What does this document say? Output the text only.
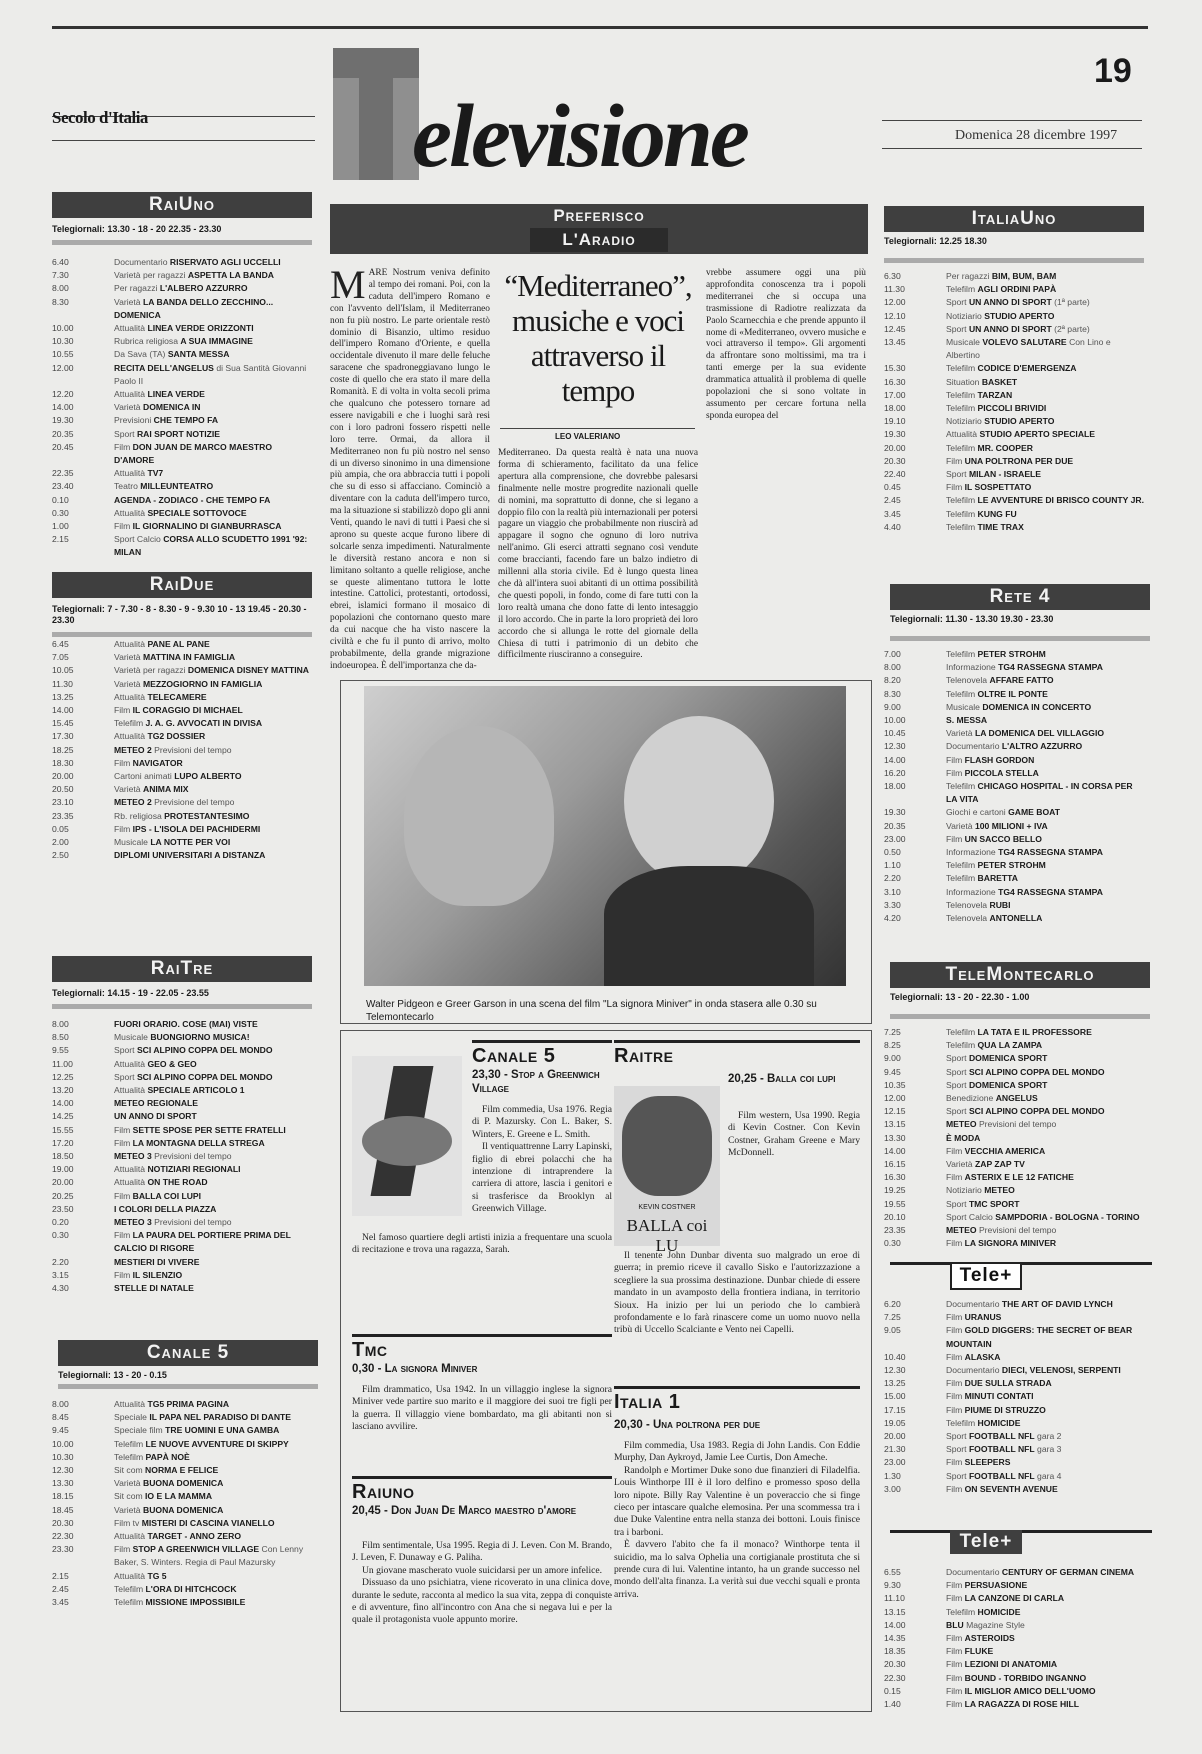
19
Secolo d'Italia	elevisione	Domenica 28 dicembre 1997
RaiUno
Telegiornali: 13.30 - 18 - 20 22.35 - 23.30
6.40	Documentario RISERVATO AGLI UCCELLI
7.30	Varietà per ragazzi ASPETTA LA BANDA
8.00	Per ragazzi L'ALBERO AZZURRO
8.30	Varietà LA BANDA DELLO ZECCHINO... DOMENICA
10.00	Attualità LINEA VERDE ORIZZONTI
10.30	Rubrica religiosa A SUA IMMAGINE
10.55	Da Sava (TA) SANTA MESSA
12.00	RECITA DELL'ANGELUS di Sua Santità Giovanni Paolo II
12.20	Attualità LINEA VERDE
14.00	Varietà DOMENICA IN
19.30	Previsioni CHE TEMPO FA
20.35	Sport RAI SPORT NOTIZIE
20.45	Film DON JUAN DE MARCO MAESTRO D'AMORE
22.35	Attualità TV7
23.40	Teatro MILLEUNTEATRO
0.10	AGENDA - ZODIACO - CHE TEMPO FA
0.30	Attualità SPECIALE SOTTOVOCE
1.00	Film IL GIORNALINO DI GIANBURRASCA
2.15	Sport Calcio CORSA ALLO SCUDETTO 1991 '92: MILAN
RaiDue
Telegiornali: 7 - 7.30 - 8 - 8.30 - 9 - 9.30 10 - 13 19.45 - 20.30 - 23.30
6.45	Attualità PANE AL PANE
7.05	Varietà MATTINA IN FAMIGLIA
10.05	Varietà per ragazzi DOMENICA DISNEY MATTINA
11.30	Varietà MEZZOGIORNO IN FAMIGLIA
13.25	Attualità TELECAMERE
14.00	Film IL CORAGGIO DI MICHAEL
15.45	Telefilm J. A. G. AVVOCATI IN DIVISA
17.30	Attualità TG2 DOSSIER
18.25	METEO 2 Previsioni del tempo
18.30	Film NAVIGATOR
20.00	Cartoni animati LUPO ALBERTO
20.50	Varietà ANIMA MIX
23.10	METEO 2 Previsione del tempo
23.35	Rb. religiosa PROTESTANTESIMO
0.05	Film IPS - L'ISOLA DEI PACHIDERMI
2.00	Musicale LA NOTTE PER VOI
2.50	DIPLOMI UNIVERSITARI A DISTANZA
RaiTre
Telegiornali: 14.15 - 19 - 22.05 - 23.55
8.00	FUORI ORARIO. COSE (MAI) VISTE
8.50	Musicale BUONGIORNO MUSICA!
9.55	Sport SCI ALPINO COPPA DEL MONDO
11.00	Attualità GEO & GEO
12.25	Sport SCI ALPINO COPPA DEL MONDO
13.20	Attualità SPECIALE ARTICOLO 1
14.00	METEO REGIONALE
14.25	UN ANNO DI SPORT
15.55	Film SETTE SPOSE PER SETTE FRATELLI
17.20	Film LA MONTAGNA DELLA STREGA
18.50	METEO 3 Previsioni del tempo
19.00	Attualità NOTIZIARI REGIONALI
20.00	Attualità ON THE ROAD
20.25	Film BALLA COI LUPI
23.50	I COLORI DELLA PIAZZA
0.20	METEO 3 Previsioni del tempo
0.30	Film LA PAURA DEL PORTIERE PRIMA DEL CALCIO DI RIGORE
2.20	MESTIERI DI VIVERE
3.15	Film IL SILENZIO
4.30	STELLE DI NATALE
Canale 5
Telegiornali: 13 - 20 - 0.15
8.00	Attualità TG5 PRIMA PAGINA
8.45	Speciale IL PAPA NEL PARADISO DI DANTE
9.45	Speciale film TRE UOMINI E UNA GAMBA
10.00	Telefilm LE NUOVE AVVENTURE DI SKIPPY
10.30	Telefilm PAPÀ NOÈ
12.30	Sit com NORMA E FELICE
13.30	Varietà BUONA DOMENICA
18.15	Sit com IO E LA MAMMA
18.45	Varietà BUONA DOMENICA
20.30	Film tv MISTERI DI CASCINA VIANELLO
22.30	Attualità TARGET - ANNO ZERO
23.30	Film STOP A GREENWICH VILLAGE Con Lenny Baker, S. Winters. Regia di Paul Mazursky
2.15	Attualità TG 5
2.45	Telefilm L'ORA DI HITCHCOCK
3.45	Telefilm MISSIONE IMPOSSIBILE
Preferisco
L'Aradio
MARE Nostrum veniva definito al tempo dei romani. Poi, con la caduta dell'impero Romano e con l'avvento dell'Islam, il Mediterraneo non fu più nostro. Le parte orientale restò dominio di Bisanzio, ultimo residuo dell'impero Romano d'Oriente, e quella occidentale divenuto il mare delle feluche saracene che spadroneggiavano lungo le coste di quello che era stato il mare della Romanità. E di volta in volta secoli prima che qualcuno che potessero tornare ad essere navigabili e che i luoghi sarà resi con i loro padroni fossero rispetti nelle loro terre. Ormai, da allora il Mediterraneo non fu più nostro nel senso di un diverso sinonimo in una dimensione più ampia, che ora abbraccia tutti i popoli che su di esso si affacciano. Cominciò a diventare con la caduta dell'impero turco, ma la situazione si stabilizzò dopo gli anni Venti, quando le navi di tutti i Paesi che si aprono su queste acque furono libere di solcarle senza impedimenti. Naturalmente le diversità restano ancora e non si limitano soltanto a quelle religiose, anche se queste alimentano tuttora le lotte intestine. Cattolici, protestanti, ortodossi, ebrei, islamici formano il mosaico di popolazioni che contornano questo mare da cui nacque che ha visto nascere la civiltà e che fu il punto di arrivo, molto probabilmente, della grande migrazione indoeuropea. È dell'importanza che da-
“Mediterraneo”, musiche e voci attraverso il tempo
LEO VALERIANO

Mediterraneo. Da questa realtà è nata una nuova forma di schieramento, facilitato da una felice apertura alla comprensione, che dovrebbe palesarsi finalmente nelle mostre progredite nazionali quelle di nomini, ma soprattutto di donne, che si legano a doppio filo con la realtà più internazionali per potersi pagare un viaggio che probabilmente non riuscirà ad appagare il sogno che ognuno di loro nutriva nell'animo. Gli eserci attratti segnano così vendute come braccianti, facendo fare un balzo indietro di millenni alla storia civile. Ed è lungo questa linea che dà all'intera suoi abitanti di un ottima possibilità che questi popoli, in fondo, come di fare tutti con la loro realtà umana che dono fatte di lento intesaggio il loro accordo. Che in parte la loro proprietà dei loro accordo che si allunga le rotte del giornale della Chiesa di tutti i patrimonio di un debito che difficilmente riusciranno a conseguire.

vrebbe assumere oggi una più approfondita conoscenza tra i popoli mediterranei che si occupa una trasmissione di Radiotre realizzata da Paolo Scarnecchia e che prende appunto il nome di «Mediterraneo, ovvero musiche e voci attraverso il tempo». Gli argomenti da affrontare sono moltissimi, ma tra i tanti emerge per la sua evidente drammatica attualità il problema di quelle popolazioni che si sono voltate in assumento per cercare fortuna nella sponda europea del

Walter Pidgeon e Greer Garson in una scena del film "La signora Miniver" in onda stasera alle 0.30 su Telemontecarlo
Canale 5
23,30 - Stop a Greenwich Village

Film commedia, Usa 1976. Regia di P. Mazursky. Con L. Baker, S. Winters, E. Greene e L. Smith.

Il ventiquattrenne Larry Lapinski, figlio di ebrei polacchi che ha intenzione di intraprendere la carriera di attore, lascia i genitori e si trasferisce da Brooklyn al Greenwich Village.

Nel famoso quartiere degli artisti inizia a frequentare una scuola di recitazione e trova una ragazza, Sarah.

Raitre
KEVIN COSTNER
BALLA coi LU
20,25 - Balla coi lupi

Film western, Usa 1990. Regia di Kevin Costner. Con Kevin Costner, Graham Greene e Mary McDonnell.

Il tenente John Dunbar diventa suo malgrado un eroe di guerra; in premio riceve il cavallo Sisko e l'autorizzazione a scegliere la sua prossima destinazione. Dunbar chiede di essere mandato in un avamposto della frontiera indiana, in territorio Sioux. Ha inizio per lui un periodo che lo cambierà profondamente e lo farà rinascere come un uomo nuovo nella tribù di Uccello Scalciante e Vento nei Capelli.

Tmc
0,30 - La signora Miniver

Film drammatico, Usa 1942. In un villaggio inglese la signora Miniver vede partire suo marito e il maggiore dei suoi tre figli per la guerra. Il villaggio viene bombardato, ma gli abitanti non si lasciano avvilire.

Raiuno
20,45 - Don Juan De Marco maestro d'amore

Film sentimentale, Usa 1995. Regia di J. Leven. Con M. Brando, J. Leven, F. Dunaway e G. Paliha.

Un giovane mascherato vuole suicidarsi per un amore infelice.

Dissuaso da uno psichiatra, viene ricoverato in una clinica dove, durante le sedute, racconta al medico la sua vita, zeppa di conquiste e di avventure, fino all'incontro con Ana che si negava lui e per la quale il protagonista vuole appunto morire.

Italia 1
20,30 - Una poltrona per due

Film commedia, Usa 1983. Regia di John Landis. Con Eddie Murphy, Dan Aykroyd, Jamie Lee Curtis, Don Ameche.

Randolph e Mortimer Duke sono due finanzieri di Filadelfia. Louis Winthorpe III è il loro delfino e promesso sposo della loro nipote. Billy Ray Valentine è un poveraccio che si finge cieco per intascare qualche elemosina. Per una scommessa tra i due Duke Valentine entra nella stanza dei bottoni. Louis finisce tra i barboni.

È davvero l'abito che fa il monaco? Winthorpe tenta il suicidio, ma lo salva Ophelia una cortigianale prostituta che si prende cura di lui. Valentine intanto, ha un grande successo nel mondo dell'alta finanza. La verità sui due vecchi squali e pronta arriva.

ItaliaUno
Telegiornali: 12.25 18.30
6.30	Per ragazzi BIM, BUM, BAM
11.30	Telefilm AGLI ORDINI PAPÀ
12.00	Sport UN ANNO DI SPORT (1ª parte)
12.10	Notiziario STUDIO APERTO
12.45	Sport UN ANNO DI SPORT (2ª parte)
13.45	Musicale VOLEVO SALUTARE Con Lino e Albertino
15.30	Telefilm CODICE D'EMERGENZA
16.30	Situation BASKET
17.00	Telefilm TARZAN
18.00	Telefilm PICCOLI BRIVIDI
19.10	Notiziario STUDIO APERTO
19.30	Attualità STUDIO APERTO SPECIALE
20.00	Telefilm MR. COOPER
20.30	Film UNA POLTRONA PER DUE
22.40	Sport MILAN - ISRAELE
0.45	Film IL SOSPETTATO
2.45	Telefilm LE AVVENTURE DI BRISCO COUNTY JR.
3.45	Telefilm KUNG FU
4.40	Telefilm TIME TRAX
Rete 4
Telegiornali: 11.30 - 13.30 19.30 - 23.30
7.00	Telefilm PETER STROHM
8.00	Informazione TG4 RASSEGNA STAMPA
8.20	Telenovela AFFARE FATTO
8.30	Telefilm OLTRE IL PONTE
9.00	Musicale DOMENICA IN CONCERTO
10.00	S. MESSA
10.45	Varietà LA DOMENICA DEL VILLAGGIO
12.30	Documentario L'ALTRO AZZURRO
14.00	Film FLASH GORDON
16.20	Film PICCOLA STELLA
18.00	Telefilm CHICAGO HOSPITAL - IN CORSA PER LA VITA
19.30	Giochi e cartoni GAME BOAT
20.35	Varietà 100 MILIONI + IVA
23.00	Film UN SACCO BELLO
0.50	Informazione TG4 RASSEGNA STAMPA
1.10	Telefilm PETER STROHM
2.20	Telefilm BARETTA
3.10	Informazione TG4 RASSEGNA STAMPA
3.30	Telenovela RUBI
4.20	Telenovela ANTONELLA
TeleMontecarlo
Telegiornali: 13 - 20 - 22.30 - 1.00
7.25	Telefilm LA TATA E IL PROFESSORE
8.25	Telefilm QUA LA ZAMPA
9.00	Sport DOMENICA SPORT
9.45	Sport SCI ALPINO COPPA DEL MONDO
10.35	Sport DOMENICA SPORT
12.00	Benedizione ANGELUS
12.15	Sport SCI ALPINO COPPA DEL MONDO
13.15	METEO Previsioni del tempo
13.30	È MODA
14.00	Film VECCHIA AMERICA
16.15	Varietà ZAP ZAP TV
16.30	Film ASTERIX E LE 12 FATICHE
19.25	Notiziario METEO
19.55	Sport TMC SPORT
20.10	Sport Calcio SAMPDORIA - BOLOGNA - TORINO
23.35	METEO Previsioni del tempo
0.30	Film LA SIGNORA MINIVER
Tele+
6.20	Documentario THE ART OF DAVID LYNCH
7.25	Film URANUS
9.05	Film GOLD DIGGERS: THE SECRET OF BEAR MOUNTAIN
10.40	Film ALASKA
12.30	Documentario DIECI, VELENOSI, SERPENTI
13.25	Film DUE SULLA STRADA
15.00	Film MINUTI CONTATI
17.15	Film PIUME DI STRUZZO
19.05	Telefilm HOMICIDE
20.00	Sport FOOTBALL NFL gara 2
21.30	Sport FOOTBALL NFL gara 3
23.00	Film SLEEPERS
1.30	Sport FOOTBALL NFL gara 4
3.00	Film ON SEVENTH AVENUE
Tele+
6.55	Documentario CENTURY OF GERMAN CINEMA
9.30	Film PERSUASIONE
11.10	Film LA CANZONE DI CARLA
13.15	Telefilm HOMICIDE
14.00	BLU Magazine Style
14.35	Film ASTEROIDS
18.35	Film FLUKE
20.30	Film LEZIONI DI ANATOMIA
22.30	Film BOUND - TORBIDO INGANNO
0.15	Film IL MIGLIOR AMICO DELL'UOMO
1.40	Film LA RAGAZZA DI ROSE HILL
